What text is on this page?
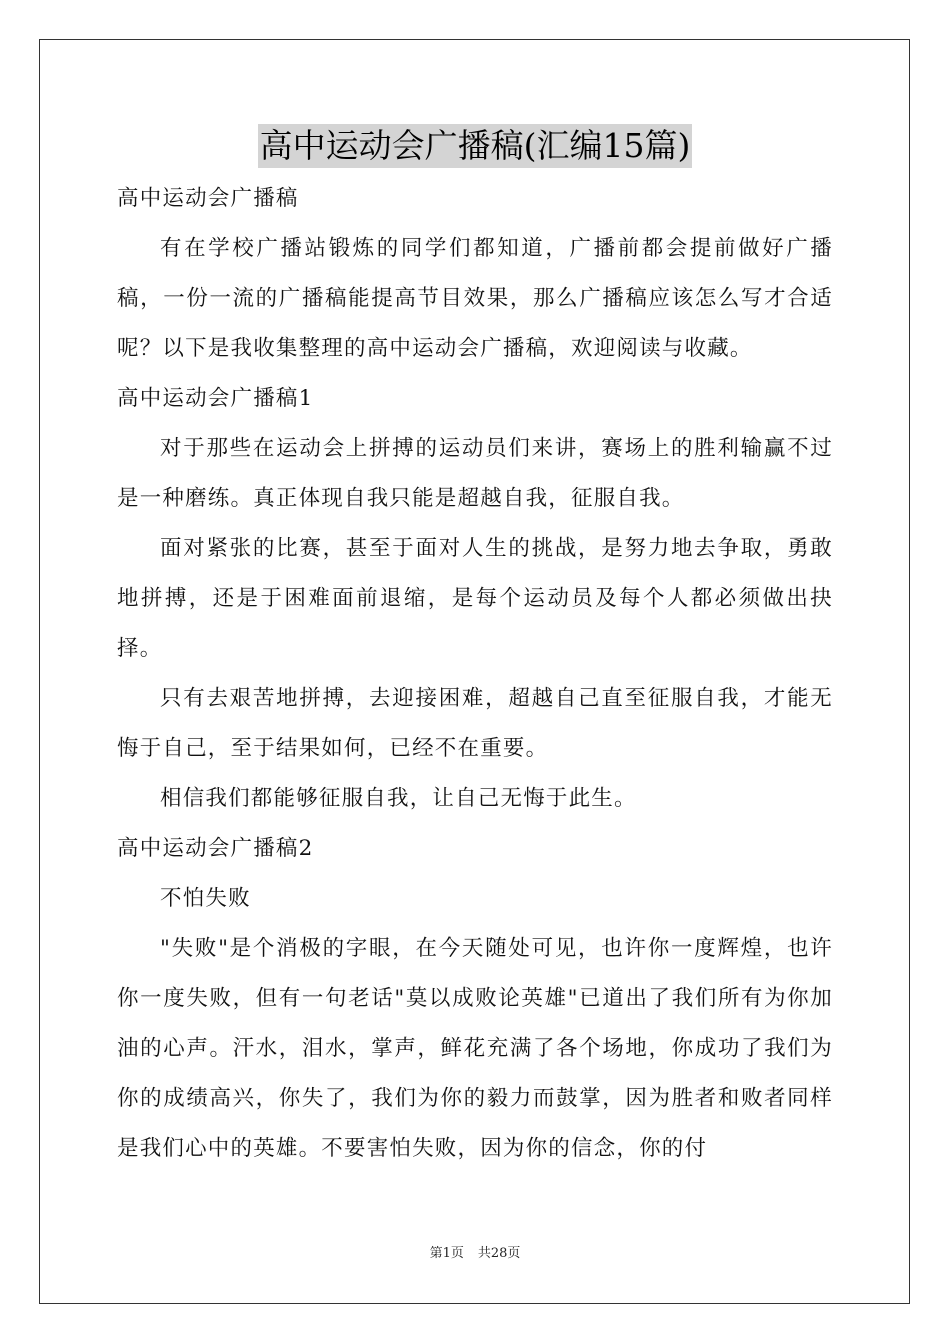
高中运动会广播稿(汇编15篇)

高中运动会广播稿

有在学校广播站锻炼的同学们都知道，广播前都会提前做好广播稿，一份一流的广播稿能提高节目效果，那么广播稿应该怎么写才合适呢？以下是我收集整理的高中运动会广播稿，欢迎阅读与收藏。

高中运动会广播稿1

对于那些在运动会上拼搏的运动员们来讲，赛场上的胜利输赢不过是一种磨练。真正体现自我只能是超越自我，征服自我。

面对紧张的比赛，甚至于面对人生的挑战，是努力地去争取，勇敢地拼搏，还是于困难面前退缩，是每个运动员及每个人都必须做出抉择。

只有去艰苦地拼搏，去迎接困难，超越自己直至征服自我，才能无悔于自己，至于结果如何，已经不在重要。

相信我们都能够征服自我，让自己无悔于此生。

高中运动会广播稿2

不怕失败

"失败"是个消极的字眼，在今天随处可见，也许你一度辉煌，也许你一度失败，但有一句老话"莫以成败论英雄"已道出了我们所有为你加油的心声。汗水，泪水，掌声，鲜花充满了各个场地，你成功了我们为你的成绩高兴，你失了，我们为你的毅力而鼓掌，因为胜者和败者同样是我们心中的英雄。不要害怕失败，因为你的信念，你的付

第1页 共28页
